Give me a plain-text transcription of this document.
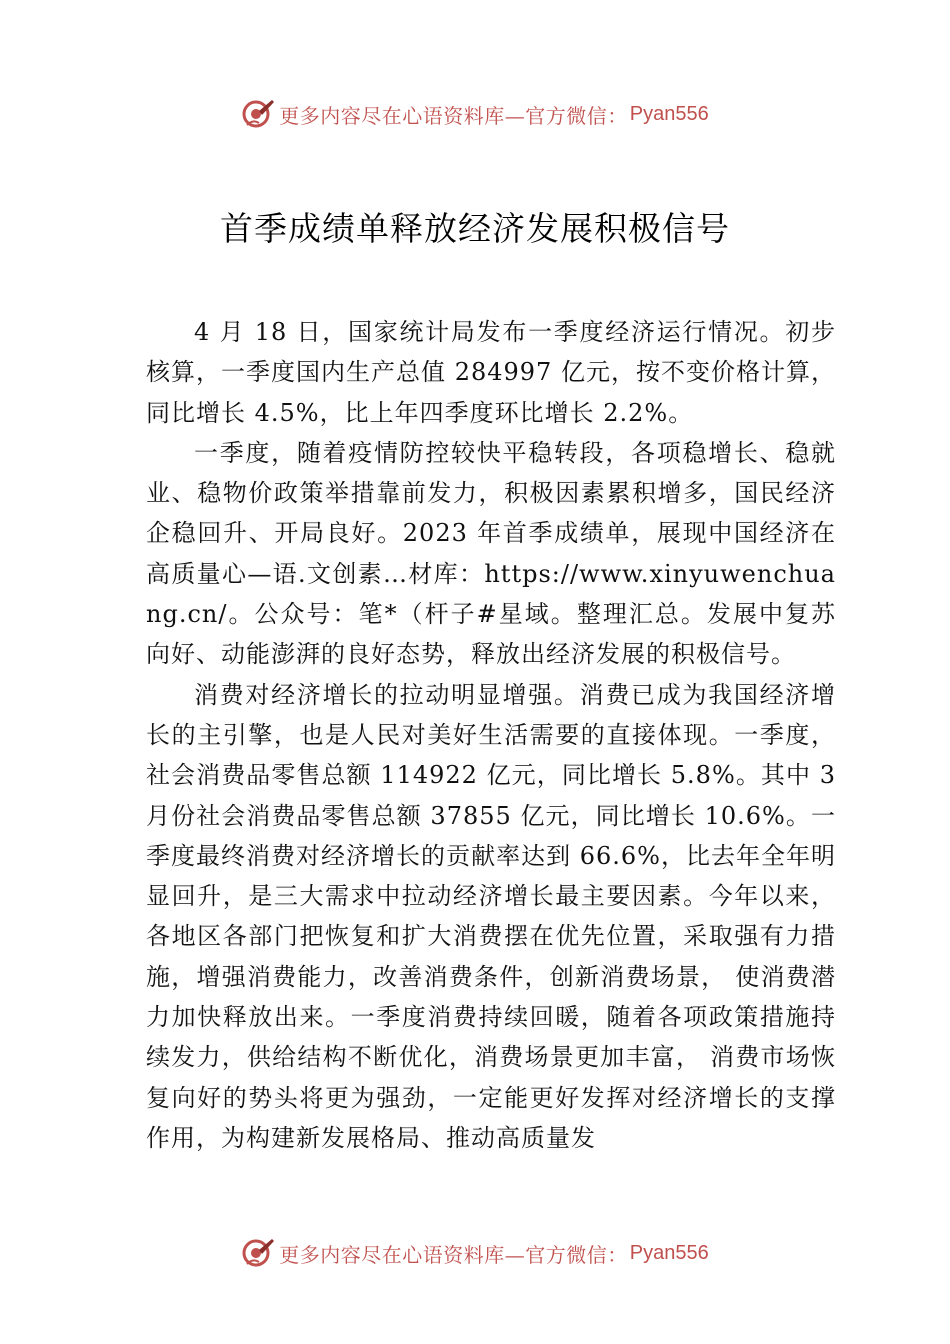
更多内容尽在心语资料库—官方微信： Pyan556
首季成绩单释放经济发展积极信号

4 月 18 日，国家统计局发布一季度经济运行情况。初步核算，一季度国内生产总值 284997 亿元，按不变价格计算，同比增长 4.5%，比上年四季度环比增长 2.2%。

一季度，随着疫情防控较快平稳转段，各项稳增长、稳就业、稳物价政策举措靠前发力，积极因素累积增多，国民经济企稳回升、开局良好。2023 年首季成绩单，展现中国经济在高质量心—语.文创素…材库：https://www.xinyuwenchuang.cn/。公众号：笔*（杆子#星域。整理汇总。发展中复苏向好、动能澎湃的良好态势，释放出经济发展的积极信号。

消费对经济增长的拉动明显增强。消费已成为我国经济增长的主引擎，也是人民对美好生活需要的直接体现。一季度，社会消费品零售总额 114922 亿元，同比增长 5.8%。其中 3 月份社会消费品零售总额 37855 亿元，同比增长 10.6%。一季度最终消费对经济增长的贡献率达到 66.6%，比去年全年明显回升，是三大需求中拉动经济增长最主要因素。今年以来，各地区各部门把恢复和扩大消费摆在优先位置，采取强有力措施，增强消费能力，改善消费条件，创新消费场景， 使消费潜力加快释放出来。一季度消费持续回暖，随着各项政策措施持续发力，供给结构不断优化，消费场景更加丰富， 消费市场恢复向好的势头将更为强劲，一定能更好发挥对经济增长的支撑作用，为构建新发展格局、推动高质量发

更多内容尽在心语资料库—官方微信： Pyan556
